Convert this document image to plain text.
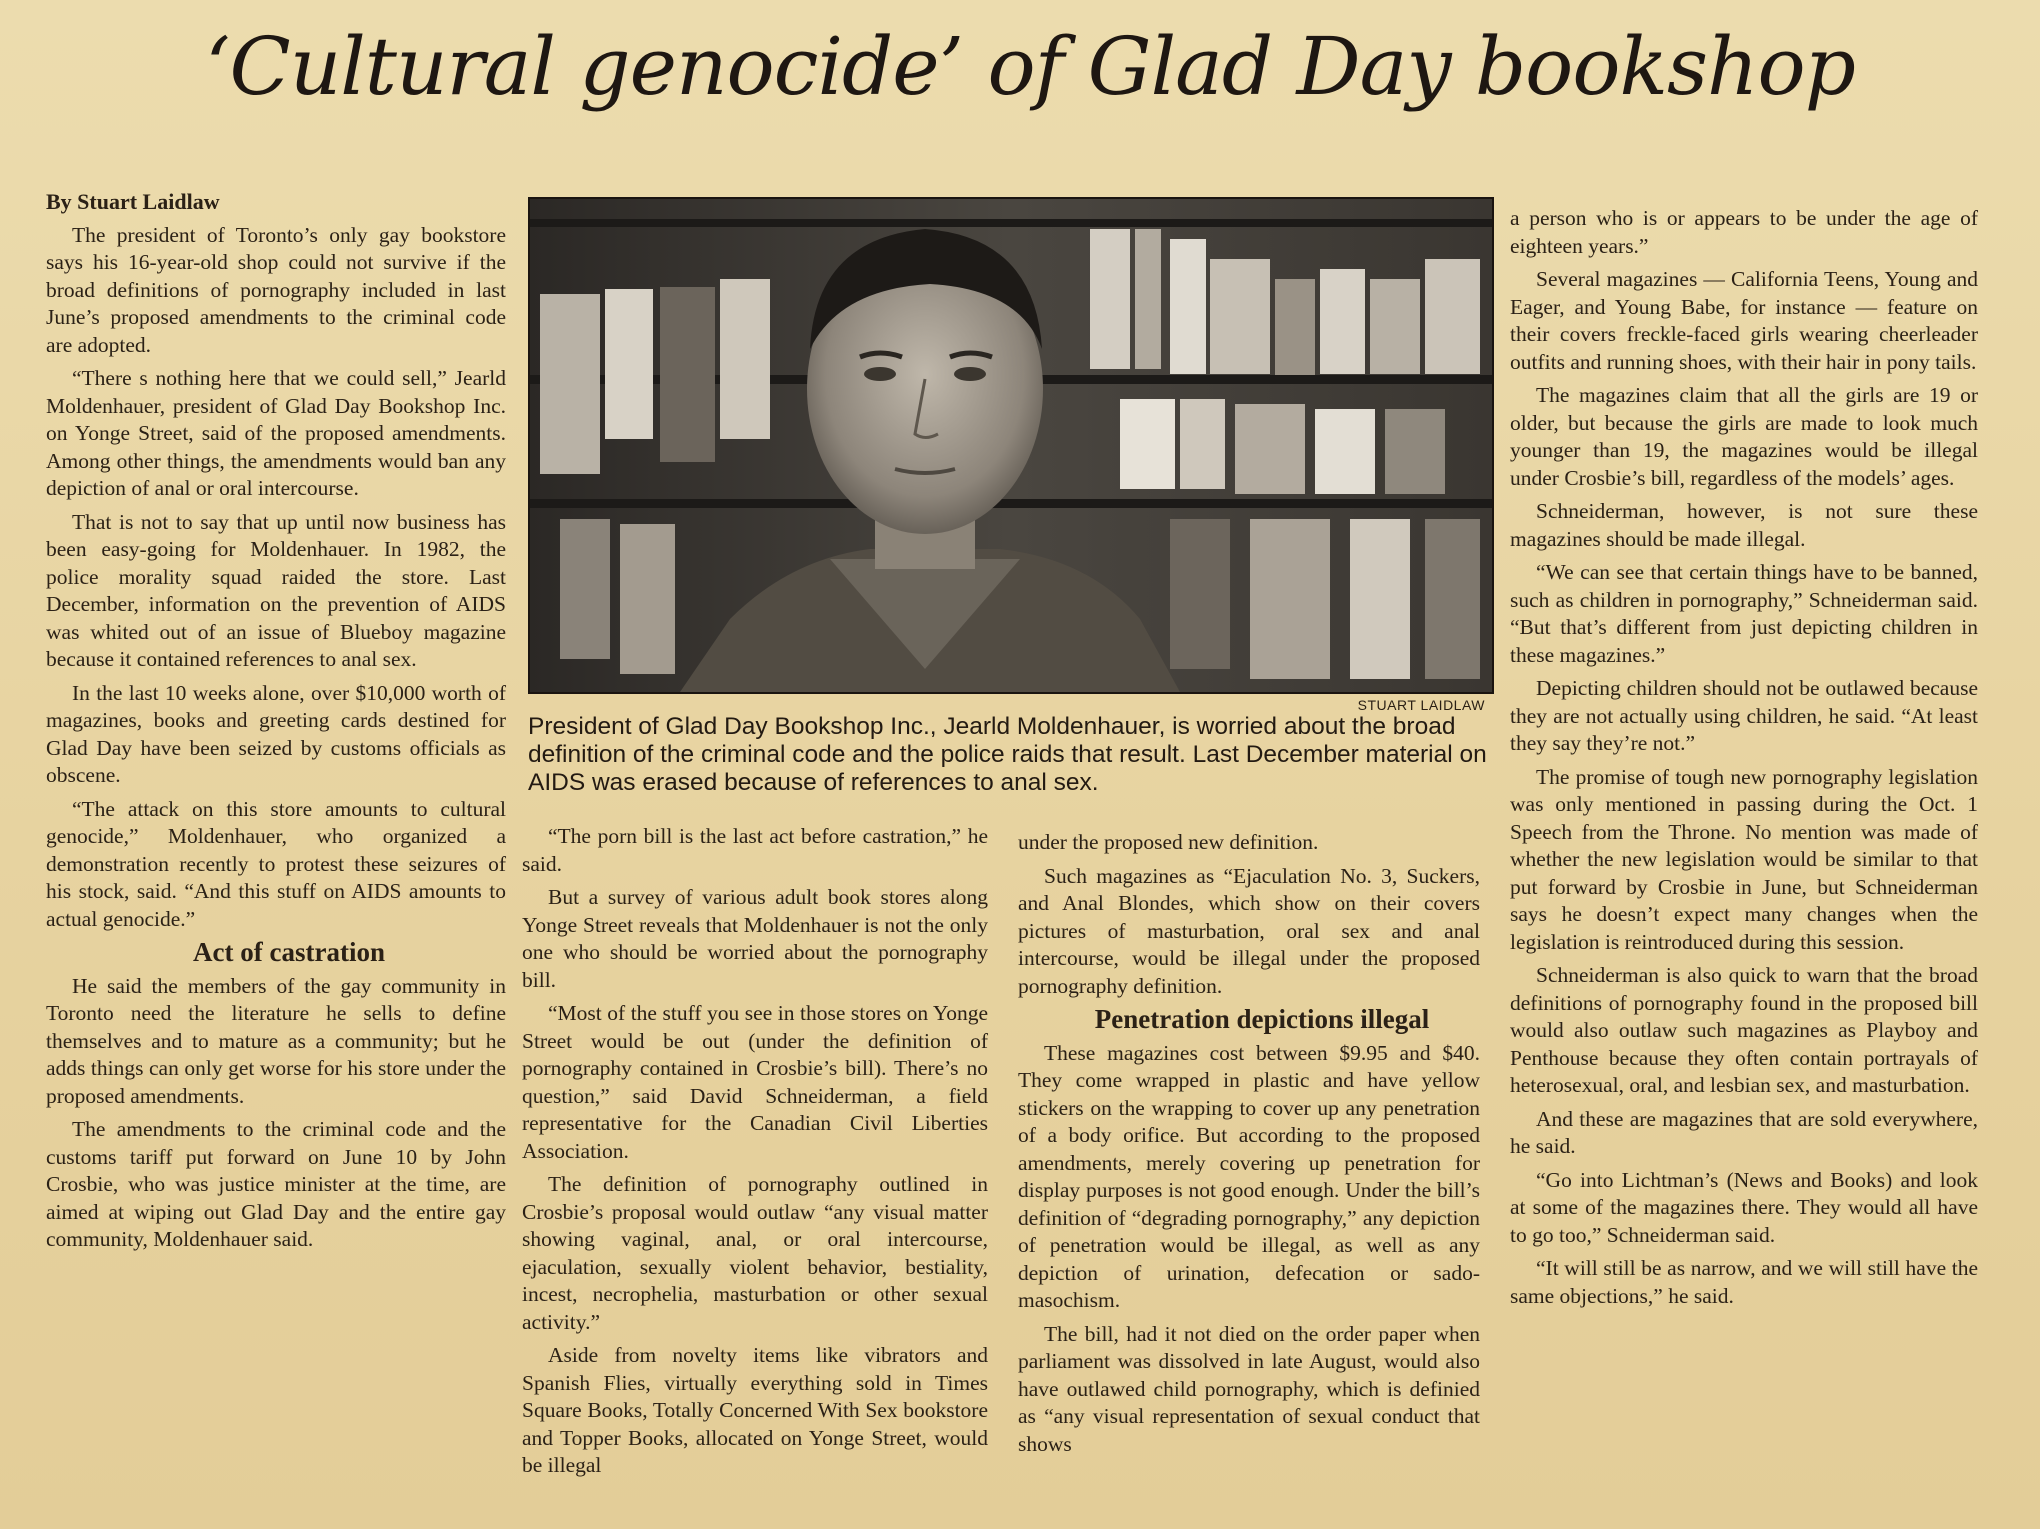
‘Cultural genocide’ of Glad Day bookshop

By Stuart Laidlaw

The president of Toronto’s only gay bookstore says his 16-year-old shop could not survive if the broad definitions of pornography included in last June’s proposed amendments to the criminal code are adopted.

“There s nothing here that we could sell,” Jearld Moldenhauer, president of Glad Day Bookshop Inc. on Yonge Street, said of the proposed amendments. Among other things, the amendments would ban any depiction of anal or oral intercourse.

That is not to say that up until now business has been easy-going for Moldenhauer. In 1982, the police morality squad raided the store. Last December, information on the prevention of AIDS was whited out of an issue of Blueboy magazine because it contained references to anal sex.

In the last 10 weeks alone, over $10,000 worth of magazines, books and greeting cards destined for Glad Day have been seized by customs officials as obscene.

“The attack on this store amounts to cultural genocide,” Moldenhauer, who organized a demonstration recently to protest these seizures of his stock, said. “And this stuff on AIDS amounts to actual genocide.”

Act of castration

He said the members of the gay community in Toronto need the literature he sells to define themselves and to mature as a community; but he adds things can only get worse for his store under the proposed amendments.

The amendments to the criminal code and the customs tariff put forward on June 10 by John Crosbie, who was justice minister at the time, are aimed at wiping out Glad Day and the entire gay community, Moldenhauer said.

STUART LAIDLAW
President of Glad Day Bookshop Inc., Jearld Moldenhauer, is worried about the broad definition of the criminal code and the police raids that result. Last December material on AIDS was erased because of references to anal sex.

“The porn bill is the last act before castration,” he said.

But a survey of various adult book stores along Yonge Street reveals that Moldenhauer is not the only one who should be worried about the pornography bill.

“Most of the stuff you see in those stores on Yonge Street would be out (under the definition of pornography contained in Crosbie’s bill). There’s no question,” said David Schneiderman, a field representative for the Canadian Civil Liberties Association.

The definition of pornography outlined in Crosbie’s proposal would outlaw “any visual matter showing vaginal, anal, or oral intercourse, ejaculation, sexually violent behavior, bestiality, incest, necrophelia, masturbation or other sexual activity.”

Aside from novelty items like vibrators and Spanish Flies, virtually everything sold in Times Square Books, Totally Concerned With Sex bookstore and Topper Books, allocated on Yonge Street, would be illegal

under the proposed new definition.

Such magazines as “Ejaculation No. 3, Suckers, and Anal Blondes, which show on their covers pictures of masturbation, oral sex and anal intercourse, would be illegal under the proposed pornography definition.

Penetration depictions illegal

These magazines cost between $9.95 and $40. They come wrapped in plastic and have yellow stickers on the wrapping to cover up any penetration of a body orifice. But according to the proposed amendments, merely covering up penetration for display purposes is not good enough. Under the bill’s definition of “degrading pornography,” any depiction of penetration would be illegal, as well as any depiction of urination, defecation or sado-masochism.

The bill, had it not died on the order paper when parliament was dissolved in late August, would also have outlawed child pornography, which is definied as “any visual representation of sexual conduct that shows

a person who is or appears to be under the age of eighteen years.”

Several magazines — California Teens, Young and Eager, and Young Babe, for instance — feature on their covers freckle-faced girls wearing cheerleader outfits and running shoes, with their hair in pony tails.

The magazines claim that all the girls are 19 or older, but because the girls are made to look much younger than 19, the magazines would be illegal under Crosbie’s bill, regardless of the models’ ages.

Schneiderman, however, is not sure these magazines should be made illegal.

“We can see that certain things have to be banned, such as children in pornography,” Schneiderman said. “But that’s different from just depicting children in these magazines.”

Depicting children should not be outlawed because they are not actually using children, he said. “At least they say they’re not.”

The promise of tough new pornography legislation was only mentioned in passing during the Oct. 1 Speech from the Throne. No mention was made of whether the new legislation would be similar to that put forward by Crosbie in June, but Schneiderman says he doesn’t expect many changes when the legislation is reintroduced during this session.

Schneiderman is also quick to warn that the broad definitions of pornography found in the proposed bill would also outlaw such magazines as Playboy and Penthouse because they often contain portrayals of heterosexual, oral, and lesbian sex, and masturbation.

And these are magazines that are sold everywhere, he said.

“Go into Lichtman’s (News and Books) and look at some of the magazines there. They would all have to go too,” Schneiderman said.

“It will still be as narrow, and we will still have the same objections,” he said.
